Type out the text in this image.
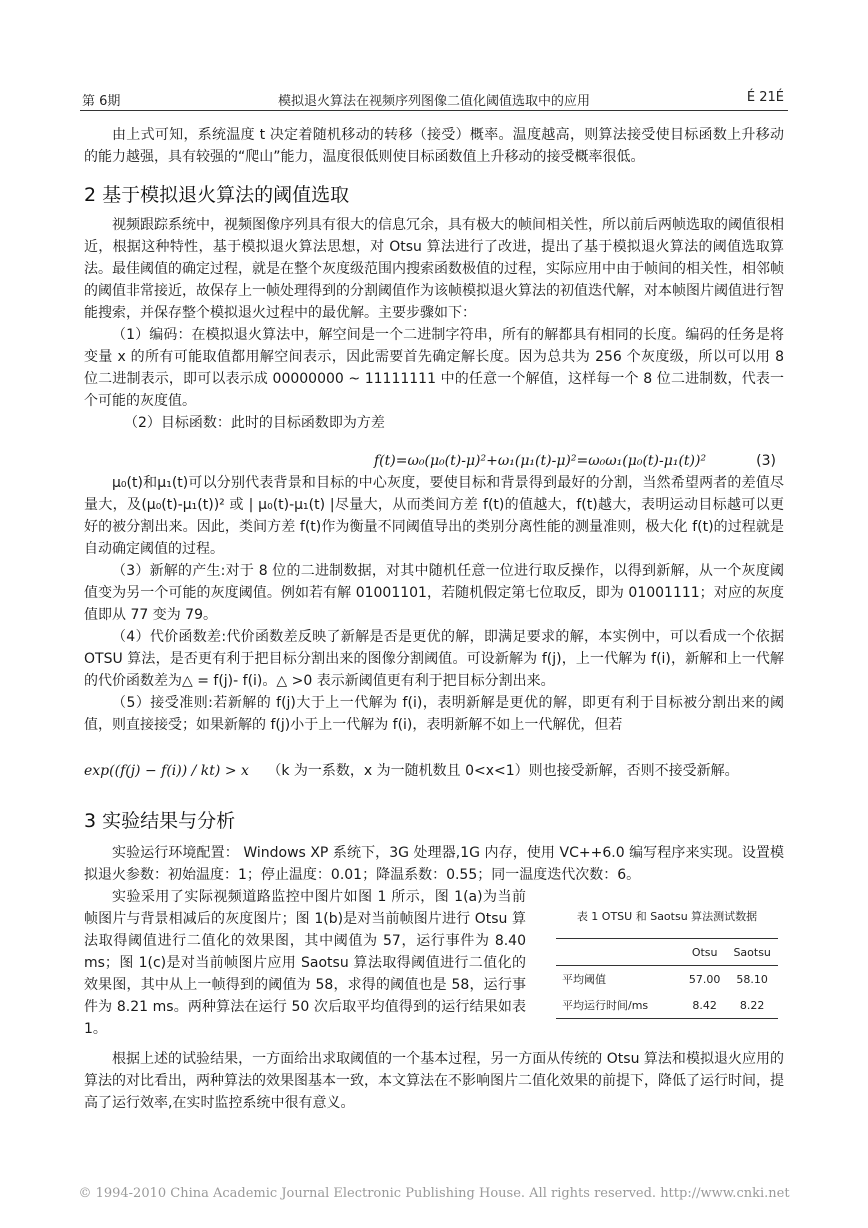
第 6期	模拟退火算法在视频序列图像二值化阈值选取中的应用	É 21É

由上式可知，系统温度 t 决定着随机移动的转移（接受）概率。温度越高，则算法接受使目标函数上升移动的能力越强，具有较强的“爬山”能力，温度很低则使目标函数值上升移动的接受概率很低。

2 基于模拟退火算法的阈值选取

视频跟踪系统中，视频图像序列具有很大的信息冗余，具有极大的帧间相关性，所以前后两帧选取的阈值很相近，根据这种特性，基于模拟退火算法思想，对 Otsu 算法进行了改进，提出了基于模拟退火算法的阈值选取算法。最佳阈值的确定过程，就是在整个灰度级范围内搜索函数极值的过程，实际应用中由于帧间的相关性，相邻帧的阈值非常接近，故保存上一帧处理得到的分割阈值作为该帧模拟退火算法的初值迭代解，对本帧图片阈值进行智能搜索，并保存整个模拟退火过程中的最优解。主要步骤如下：

（1）编码：在模拟退火算法中，解空间是一个二进制字符串，所有的解都具有相同的长度。编码的任务是将变量 x 的所有可能取值都用解空间表示，因此需要首先确定解长度。因为总共为 256 个灰度级，所以可以用 8 位二进制表示，即可以表示成 00000000 ~ 11111111 中的任意一个解值，这样每一个 8 位二进制数，代表一个可能的灰度值。

（2）目标函数：此时的目标函数即为方差

f(t)=ω₀(μ₀(t)-μ)²+ω₁(μ₁(t)-μ)²=ω₀ω₁(μ₀(t)-μ₁(t))²	(3)

μ₀(t)和μ₁(t)可以分别代表背景和目标的中心灰度，要使目标和背景得到最好的分割，当然希望两者的差值尽量大，及(μ₀(t)-μ₁(t))² 或 | μ₀(t)-μ₁(t) |尽量大，从而类间方差 f(t)的值越大，f(t)越大，表明运动目标越可以更好的被分割出来。因此，类间方差 f(t)作为衡量不同阈值导出的类别分离性能的测量准则，极大化 f(t)的过程就是自动确定阈值的过程。

（3）新解的产生:对于 8 位的二进制数据，对其中随机任意一位进行取反操作，以得到新解，从一个灰度阈值变为另一个可能的灰度阈值。例如若有解 01001101，若随机假定第七位取反，即为 01001111；对应的灰度值即从 77 变为 79。

（4）代价函数差:代价函数差反映了新解是否是更优的解，即满足要求的解，本实例中，可以看成一个依据 OTSU 算法，是否更有利于把目标分割出来的图像分割阈值。可设新解为 f(j)，上一代解为 f(i)，新解和上一代解的代价函数差为△ = f(j)- f(i)。△ >0 表示新阈值更有利于把目标分割出来。

（5）接受准则:若新解的 f(j)大于上一代解为 f(i)，表明新解是更优的解，即更有利于目标被分割出来的阈值，则直接接受；如果新解的 f(j)小于上一代解为 f(i)，表明新解不如上一代解优，但若

exp((f(j) − f(i)) / kt) > x （k 为一系数，x 为一随机数且 0<x<1）则也接受新解，否则不接受新解。
3 实验结果与分析

实验运行环境配置： Windows XP 系统下，3G 处理器,1G 内存，使用 VC++6.0 编写程序来实现。设置模拟退火参数：初始温度：1；停止温度：0.01；降温系数：0.55；同一温度迭代次数：6。

实验采用了实际视频道路监控中图片如图 1 所示，图 1(a)为当前帧图片与背景相减后的灰度图片；图 1(b)是对当前帧图片进行 Otsu 算法取得阈值进行二值化的效果图，其中阈值为 57，运行事件为 8.40 ms；图 1(c)是对当前帧图片应用 Saotsu 算法取得阈值进行二值化的效果图，其中从上一帧得到的阈值为 58，求得的阈值也是 58，运行事件为 8.21 ms。两种算法在运行 50 次后取平均值得到的运行结果如表 1。

表 1 OTSU 和 Saotsu 算法测试数据
	Otsu	Saotsu
平均阈值	57.00	58.10
平均运行时间/ms	8.42	8.22

根据上述的试验结果，一方面给出求取阈值的一个基本过程，另一方面从传统的 Otsu 算法和模拟退火应用的算法的对比看出，两种算法的效果图基本一致，本文算法在不影响图片二值化效果的前提下，降低了运行时间，提高了运行效率,在实时监控系统中很有意义。

© 1994-2010 China Academic Journal Electronic Publishing House. All rights reserved. http://www.cnki.net
